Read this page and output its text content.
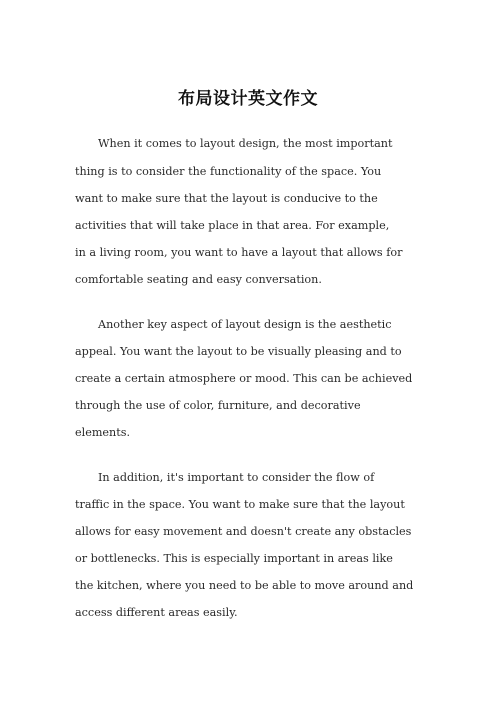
布局设计英文作文
When it comes to layout design, the most important
thing is to consider the functionality of the space. You
want to make sure that the layout is conducive to the
activities that will take place in that area. For example,
in a living room, you want to have a layout that allows for
comfortable seating and easy conversation.
Another key aspect of layout design is the aesthetic
appeal. You want the layout to be visually pleasing and to
create a certain atmosphere or mood. This can be achieved
through the use of color, furniture, and decorative
elements.
In addition, it's important to consider the flow of
traffic in the space. You want to make sure that the layout
allows for easy movement and doesn't create any obstacles
or bottlenecks. This is especially important in areas like
the kitchen, where you need to be able to move around and
access different areas easily.
